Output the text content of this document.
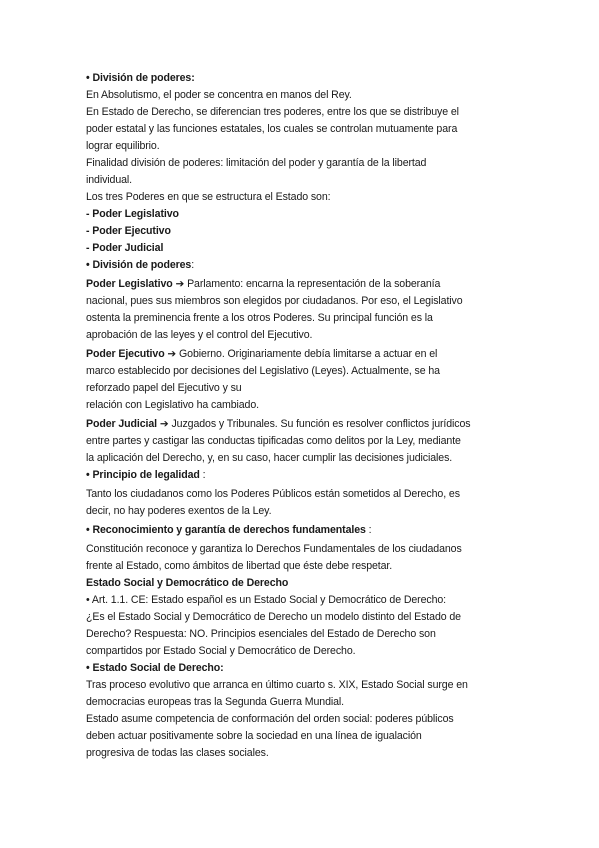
• División de poderes:
En Absolutismo, el poder se concentra en manos del Rey.
En Estado de Derecho, se diferencian tres poderes, entre los que se distribuye el
poder estatal y las funciones estatales, los cuales se controlan mutuamente para
lograr equilibrio.
Finalidad división de poderes: limitación del poder y garantía de la libertad
individual.
Los tres Poderes en que se estructura el Estado son:
- Poder Legislativo
- Poder Ejecutivo
- Poder Judicial
• División de poderes:
Poder Legislativo ➔ Parlamento: encarna la representación de la soberanía
nacional, pues sus miembros son elegidos por ciudadanos. Por eso, el Legislativo
ostenta la preminencia frente a los otros Poderes. Su principal función es la
aprobación de las leyes y el control del Ejecutivo.
Poder Ejecutivo ➔ Gobierno. Originariamente debía limitarse a actuar en el
marco establecido por decisiones del Legislativo (Leyes). Actualmente, se ha
reforzado papel del Ejecutivo y su
relación con Legislativo ha cambiado.
Poder Judicial ➔ Juzgados y Tribunales. Su función es resolver conflictos jurídicos
entre partes y castigar las conductas tipificadas como delitos por la Ley, mediante
la aplicación del Derecho, y, en su caso, hacer cumplir las decisiones judiciales.
• Principio de legalidad :
Tanto los ciudadanos como los Poderes Públicos están sometidos al Derecho, es
decir, no hay poderes exentos de la Ley.
• Reconocimiento y garantía de derechos fundamentales :
Constitución reconoce y garantiza lo Derechos Fundamentales de los ciudadanos
frente al Estado, como ámbitos de libertad que éste debe respetar.
Estado Social y Democrático de Derecho
• Art. 1.1. CE: Estado español es un Estado Social y Democrático de Derecho:
¿Es el Estado Social y Democrático de Derecho un modelo distinto del Estado de
Derecho? Respuesta: NO. Principios esenciales del Estado de Derecho son
compartidos por Estado Social y Democrático de Derecho.
• Estado Social de Derecho:
Tras proceso evolutivo que arranca en último cuarto s. XIX, Estado Social surge en
democracias europeas tras la Segunda Guerra Mundial.
Estado asume competencia de conformación del orden social: poderes públicos
deben actuar positivamente sobre la sociedad en una línea de igualación
progresiva de todas las clases sociales.
